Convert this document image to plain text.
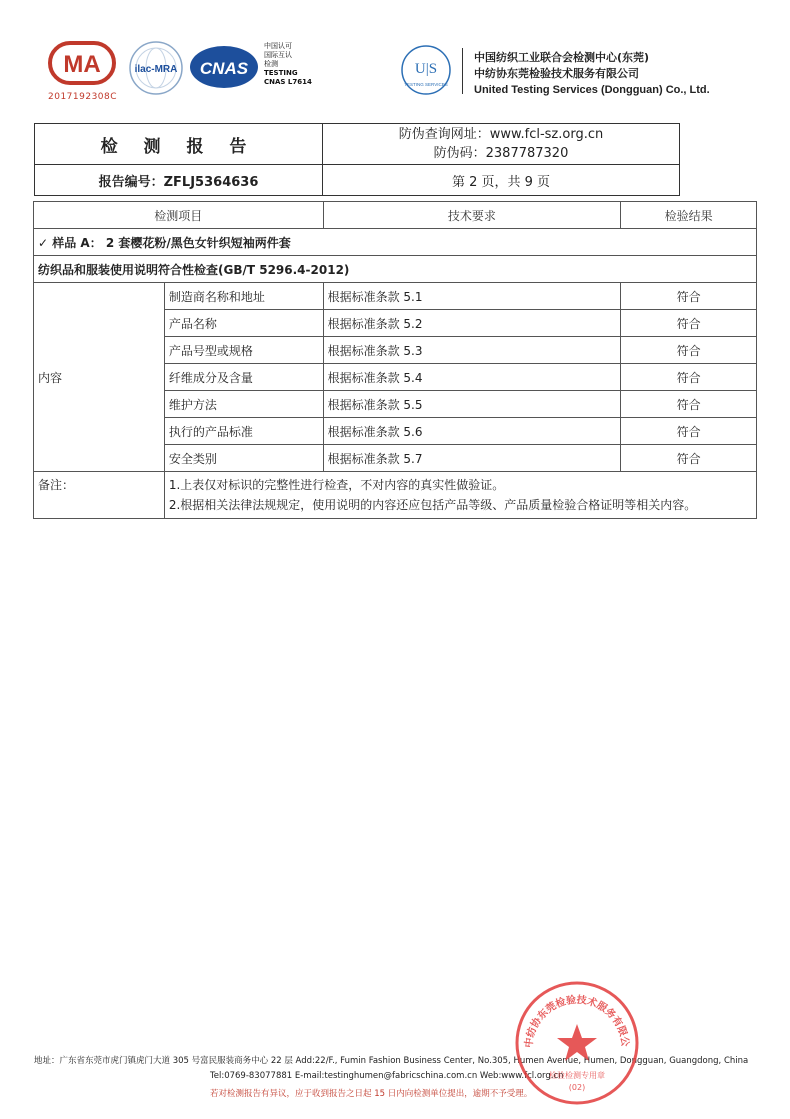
MA
2017192308C
ilac-MRA CNAS
中国认可
国际互认
检测
TESTING
CNAS L7614
U|S
TESTING SERVICES
中国纺织工业联合会检测中心(东莞)
中纺协东莞检验技术服务有限公司
United Testing Services (Dongguan) Co., Ltd.
检 测 报 告	防伪查询网址：www.fcl-sz.org.cn
防伪码：2387787320

报告编号：ZFLJ5364636	第 2 页，共 9 页
检测项目		技术要求	检验结果
✓ 样品 A： 2 套樱花粉/黑色女针织短袖两件套			
纺织品和服装使用说明符合性检查(GB/T 5296.4-2012)			
内容	制造商名称和地址	根据标准条款 5.1	符合
	产品名称	根据标准条款 5.2	符合
	产品号型或规格	根据标准条款 5.3	符合
	纤维成分及含量	根据标准条款 5.4	符合
	维护方法	根据标准条款 5.5	符合
	执行的产品标准	根据标准条款 5.6	符合
	安全类别	根据标准条款 5.7	符合
备注：	1.上表仅对标识的完整性进行检查，不对内容的真实性做验证。
2.根据相关法律法规规定，使用说明的内容还应包括产品等级、产品质量检验合格证明等相关内容。		
地址：广东省东莞市虎门镇虎门大道 305 号富民服装商务中心 22 层 Add:22/F., Fumin Fashion Business Center, No.305, Humen Avenue, Humen, Dongguan, Guangdong, China
Tel:0769-83077881 E-mail:testinghumen@fabricschina.com.cn Web:www.fcl.org.cn
若对检测报告有异议，应于收到报告之日起 15 日内向检测单位提出，逾期不予受理。
中纺协东莞检验技术服务有限公
检验检测专用章
(02)
